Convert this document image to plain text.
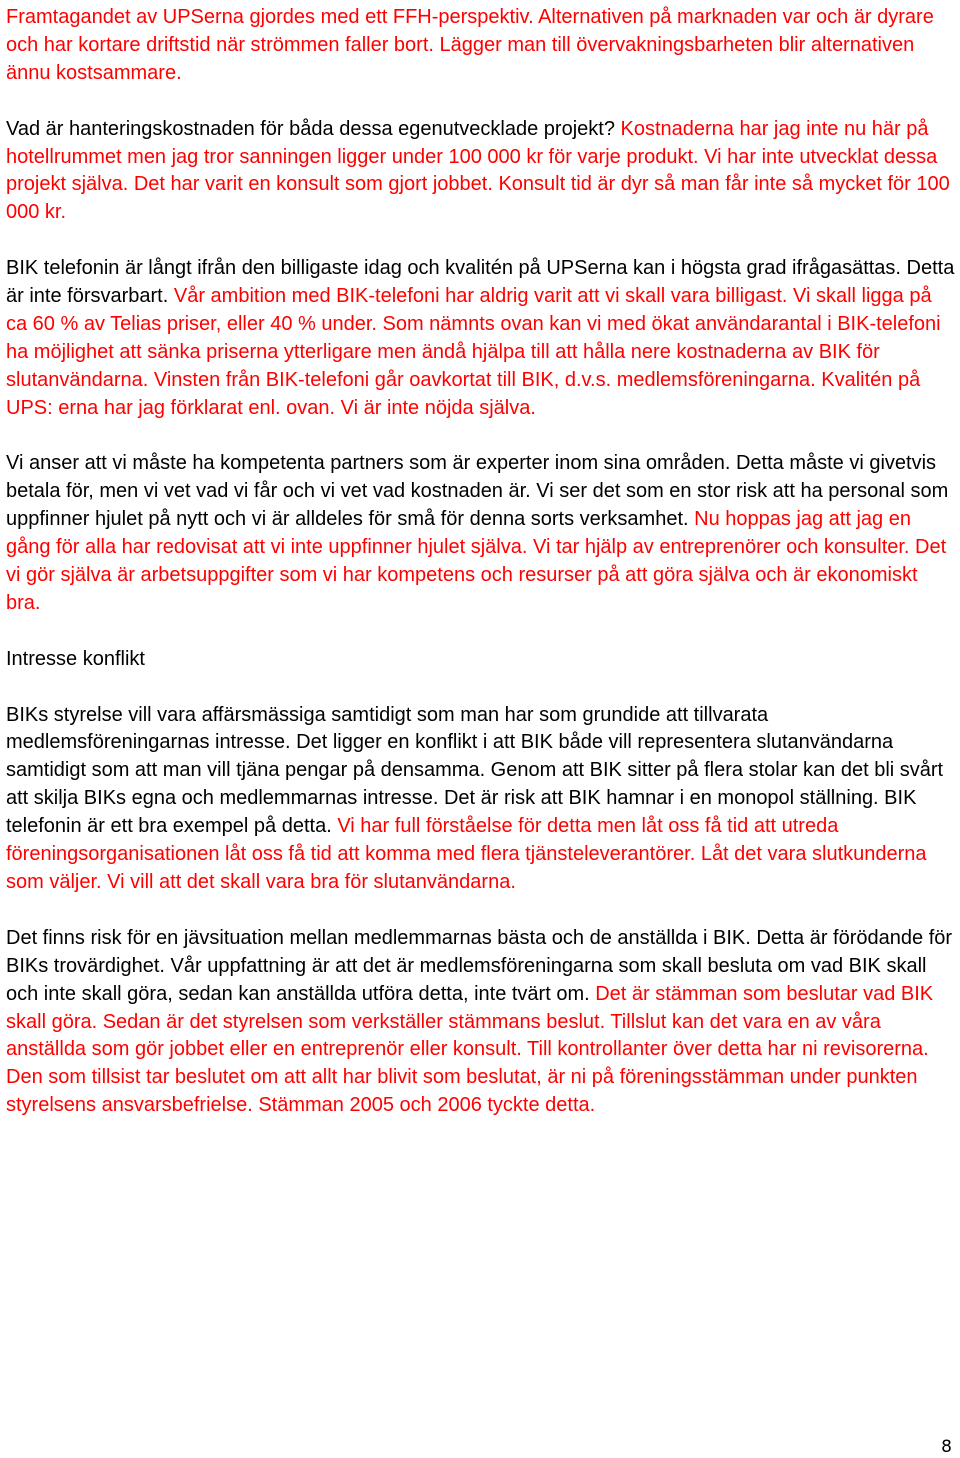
Framtagandet av UPSerna gjordes med ett FFH-perspektiv. Alternativen på marknaden var och är dyrare och har kortare driftstid när strömmen faller bort. Lägger man till övervakningsbarheten blir alternativen ännu kostsammare.

Vad är hanteringskostnaden för båda dessa egenutvecklade projekt? Kostnaderna har jag inte nu här på hotellrummet men jag tror sanningen ligger under 100 000 kr för varje produkt. Vi har inte utvecklat dessa projekt själva. Det har varit en konsult som gjort jobbet. Konsult tid är dyr så man får inte så mycket för 100 000 kr.

BIK telefonin är långt ifrån den billigaste idag och kvalitén på UPSerna kan i högsta grad ifrågasättas. Detta är inte försvarbart. Vår ambition med BIK-telefoni har aldrig varit att vi skall vara billigast. Vi skall ligga på ca 60 % av Telias priser, eller 40 % under. Som nämnts ovan kan vi med ökat användarantal i BIK-telefoni ha möjlighet att sänka priserna ytterligare men ändå hjälpa till att hålla nere kostnaderna av BIK för slutanvändarna. Vinsten från BIK-telefoni går oavkortat till BIK, d.v.s. medlemsföreningarna. Kvalitén på UPS: erna har jag förklarat enl. ovan. Vi är inte nöjda själva.

Vi anser att vi måste ha kompetenta partners som är experter inom sina områden. Detta måste vi givetvis betala för, men vi vet vad vi får och vi vet vad kostnaden är. Vi ser det som en stor risk att ha personal som uppfinner hjulet på nytt och vi är alldeles för små för denna sorts verksamhet. Nu hoppas jag att jag en gång för alla har redovisat att vi inte uppfinner hjulet själva. Vi tar hjälp av entreprenörer och konsulter. Det vi gör själva är arbetsuppgifter som vi har kompetens och resurser på att göra själva och är ekonomiskt bra.

Intresse konflikt

BIKs styrelse vill vara affärsmässiga samtidigt som man har som grundide att tillvarata medlemsföreningarnas intresse. Det ligger en konflikt i att BIK både vill representera slutanvändarna samtidigt som att man vill tjäna pengar på densamma. Genom att BIK sitter på flera stolar kan det bli svårt att skilja BIKs egna och medlemmarnas intresse. Det är risk att BIK hamnar i en monopol ställning. BIK telefonin är ett bra exempel på detta. Vi har full förståelse för detta men låt oss få tid att utreda föreningsorganisationen låt oss få tid att komma med flera tjänsteleverantörer. Låt det vara slutkunderna som väljer. Vi vill att det skall vara bra för slutanvändarna.

Det finns risk för en jävsituation mellan medlemmarnas bästa och de anställda i BIK. Detta är förödande för BIKs trovärdighet. Vår uppfattning är att det är medlemsföreningarna som skall besluta om vad BIK skall och inte skall göra, sedan kan anställda utföra detta, inte tvärt om. Det är stämman som beslutar vad BIK skall göra. Sedan är det styrelsen som verkställer stämmans beslut. Tillslut kan det vara en av våra anställda som gör jobbet eller en entreprenör eller konsult. Till kontrollanter över detta har ni revisorerna. Den som tillsist tar beslutet om att allt har blivit som beslutat, är ni på föreningsstämman under punkten styrelsens ansvarsbefrielse. Stämman 2005 och 2006 tyckte detta.

8
